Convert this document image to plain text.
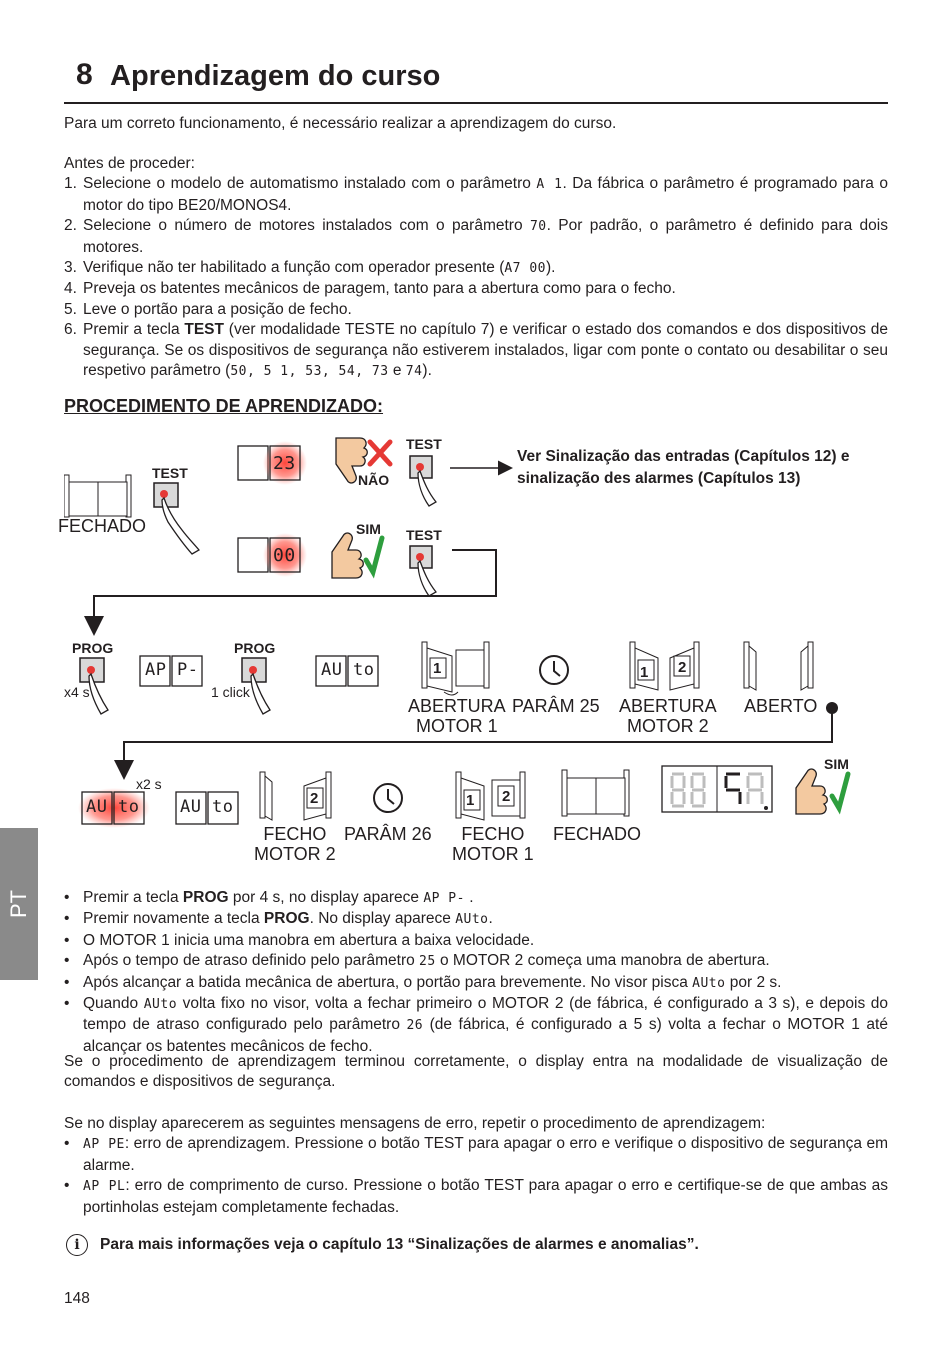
8 Aprendizagem do curso
Para um correto funcionamento, é necessário realizar a aprendizagem do curso.
Antes de proceder:
1. Selecione o modelo de automatismo instalado com o parâmetro A 1. Da fábrica o parâmetro é programado para o motor do tipo BE20/MONOS4.
2. Selecione o número de motores instalados com o parâmetro 70. Por padrão, o parâmetro é definido para dois motores.
3. Verifique não ter habilitado a função com operador presente (A7 00).
4. Preveja os batentes mecânicos de paragem, tanto para a abertura como para o fecho.
5. Leve o portão para a posição de fecho.
6. Premir a tecla TEST (ver modalidade TESTE no capítulo 7) e verificar o estado dos comandos e dos dispositivos de segurança. Se os dispositivos de segurança não estiverem instalados, ligar com ponte o contato ou desabilitar o seu respetivo parâmetro (50, 5 1, 53, 54, 73 e 74).
PROCEDIMENTO DE APRENDIZADO:
FECHADO
TEST	23
00
NÃO
SIM
TEST
TEST
Ver Sinalização das entradas (Capítulos 12) e sinalização des alarmes (Capítulos 13)
PROG
x4 s
AP P-
PROG
1 click
AU to	1	1 2
ABERTURA
MOTOR 1
PARÂM 25 ABERTURA
MOTOR 2
ABERTO
x2 s
AU to AU to	2	1 2
SIM
FECHO
MOTOR 2
PARÂM 26	FECHO
MOTOR 1
FECHADO
• Premir a tecla PROG por 4 s, no display aparece AP P- .
• Premir novamente a tecla PROG. No display aparece AUto.
• O MOTOR 1 inicia uma manobra em abertura a baixa velocidade.
• Após o tempo de atraso definido pelo parâmetro 25 o MOTOR 2 começa uma manobra de abertura.
• Após alcançar a batida mecânica de abertura, o portão para brevemente. No visor pisca AUto por 2 s.
• Quando AUto volta fixo no visor, volta a fechar primeiro o MOTOR 2 (de fábrica, é configurado a 3 s), e depois do tempo de atraso configurado pelo parâmetro 26 (de fábrica, é configurado a 5 s) volta a fechar o MOTOR 1 até alcançar os batentes mecânicos de fecho.
Se o procedimento de aprendizagem terminou corretamente, o display entra na modalidade de visualização de comandos e dispositivos de segurança.
Se no display aparecerem as seguintes mensagens de erro, repetir o procedimento de aprendizagem:
• AP PE: erro de aprendizagem. Pressione o botão TEST para apagar o erro e verifique o dispositivo de segurança em alarme.
• AP PL: erro de comprimento de curso. Pressione o botão TEST para apagar o erro e certifique-se de que ambas as portinholas estejam completamente fechadas.
i	Para mais informações veja o capítulo 13 “Sinalizações de alarmes e anomalias”.
148
PT
